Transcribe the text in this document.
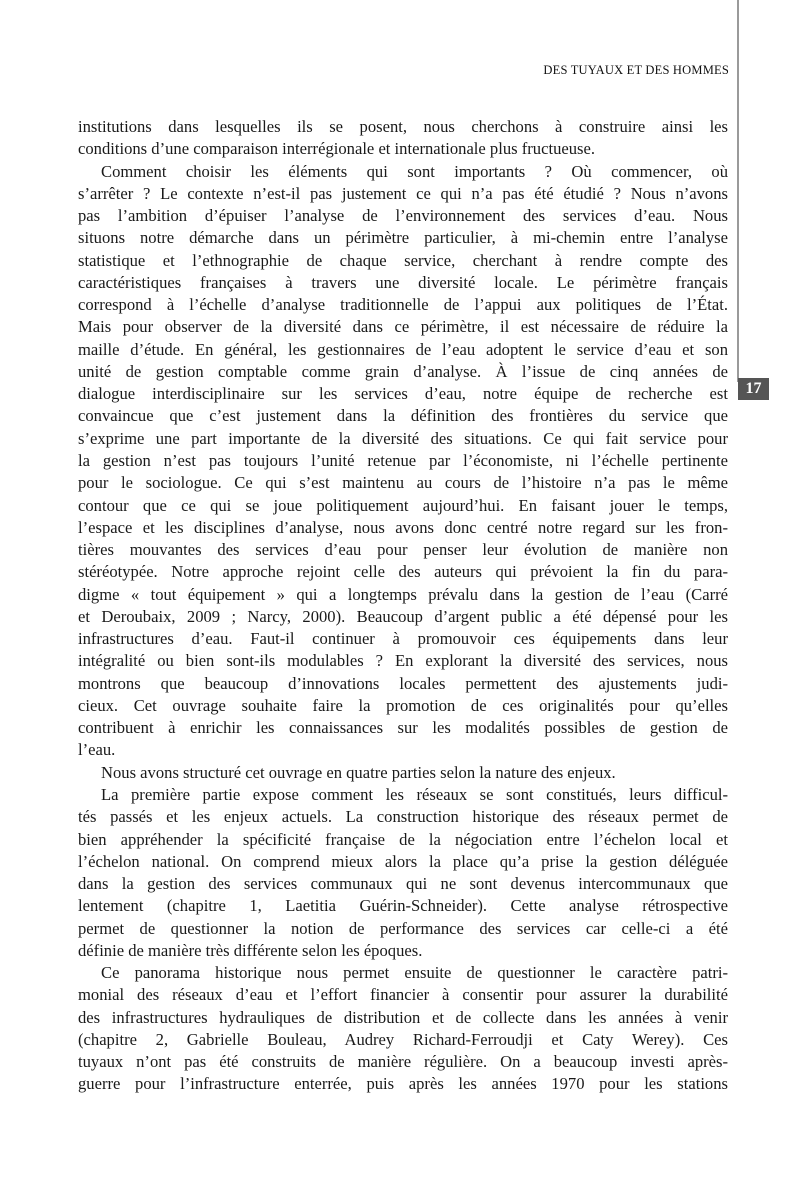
DES TUYAUX ET DES HOMMES
17
institutions dans lesquelles ils se posent, nous cherchons à construire ainsi les
conditions d’une comparaison interrégionale et internationale plus fructueuse.
Comment choisir les éléments qui sont importants ? Où commencer, où
s’arrêter ? Le contexte n’est-il pas justement ce qui n’a pas été étudié ? Nous n’avons
pas l’ambition d’épuiser l’analyse de l’environnement des services d’eau. Nous
situons notre démarche dans un périmètre particulier, à mi-chemin entre l’analyse
statistique et l’ethnographie de chaque service, cherchant à rendre compte des
caractéristiques françaises à travers une diversité locale. Le périmètre français
correspond à l’échelle d’analyse traditionnelle de l’appui aux politiques de l’État.
Mais pour observer de la diversité dans ce périmètre, il est nécessaire de réduire la
maille d’étude. En général, les gestionnaires de l’eau adoptent le service d’eau et son
unité de gestion comptable comme grain d’analyse. À l’issue de cinq années de
dialogue interdisciplinaire sur les services d’eau, notre équipe de recherche est
convaincue que c’est justement dans la définition des frontières du service que
s’exprime une part importante de la diversité des situations. Ce qui fait service pour
la gestion n’est pas toujours l’unité retenue par l’économiste, ni l’échelle pertinente
pour le sociologue. Ce qui s’est maintenu au cours de l’histoire n’a pas le même
contour que ce qui se joue politiquement aujourd’hui. En faisant jouer le temps,
l’espace et les disciplines d’analyse, nous avons donc centré notre regard sur les fron-
tières mouvantes des services d’eau pour penser leur évolution de manière non
stéréotypée. Notre approche rejoint celle des auteurs qui prévoient la fin du para-
digme « tout équipement » qui a longtemps prévalu dans la gestion de l’eau (Carré
et Deroubaix, 2009 ; Narcy, 2000). Beaucoup d’argent public a été dépensé pour les
infrastructures d’eau. Faut-il continuer à promouvoir ces équipements dans leur
intégralité ou bien sont-ils modulables ? En explorant la diversité des services, nous
montrons que beaucoup d’innovations locales permettent des ajustements judi-
cieux. Cet ouvrage souhaite faire la promotion de ces originalités pour qu’elles
contribuent à enrichir les connaissances sur les modalités possibles de gestion de
l’eau.
Nous avons structuré cet ouvrage en quatre parties selon la nature des enjeux.
La première partie expose comment les réseaux se sont constitués, leurs difficul-
tés passés et les enjeux actuels. La construction historique des réseaux permet de
bien appréhender la spécificité française de la négociation entre l’échelon local et
l’échelon national. On comprend mieux alors la place qu’a prise la gestion déléguée
dans la gestion des services communaux qui ne sont devenus intercommunaux que
lentement (chapitre 1, Laetitia Guérin-Schneider). Cette analyse rétrospective
permet de questionner la notion de performance des services car celle-ci a été
définie de manière très différente selon les époques.
Ce panorama historique nous permet ensuite de questionner le caractère patri-
monial des réseaux d’eau et l’effort financier à consentir pour assurer la durabilité
des infrastructures hydrauliques de distribution et de collecte dans les années à venir
(chapitre 2, Gabrielle Bouleau, Audrey Richard-Ferroudji et Caty Werey). Ces
tuyaux n’ont pas été construits de manière régulière. On a beaucoup investi après-
guerre pour l’infrastructure enterrée, puis après les années 1970 pour les stations
